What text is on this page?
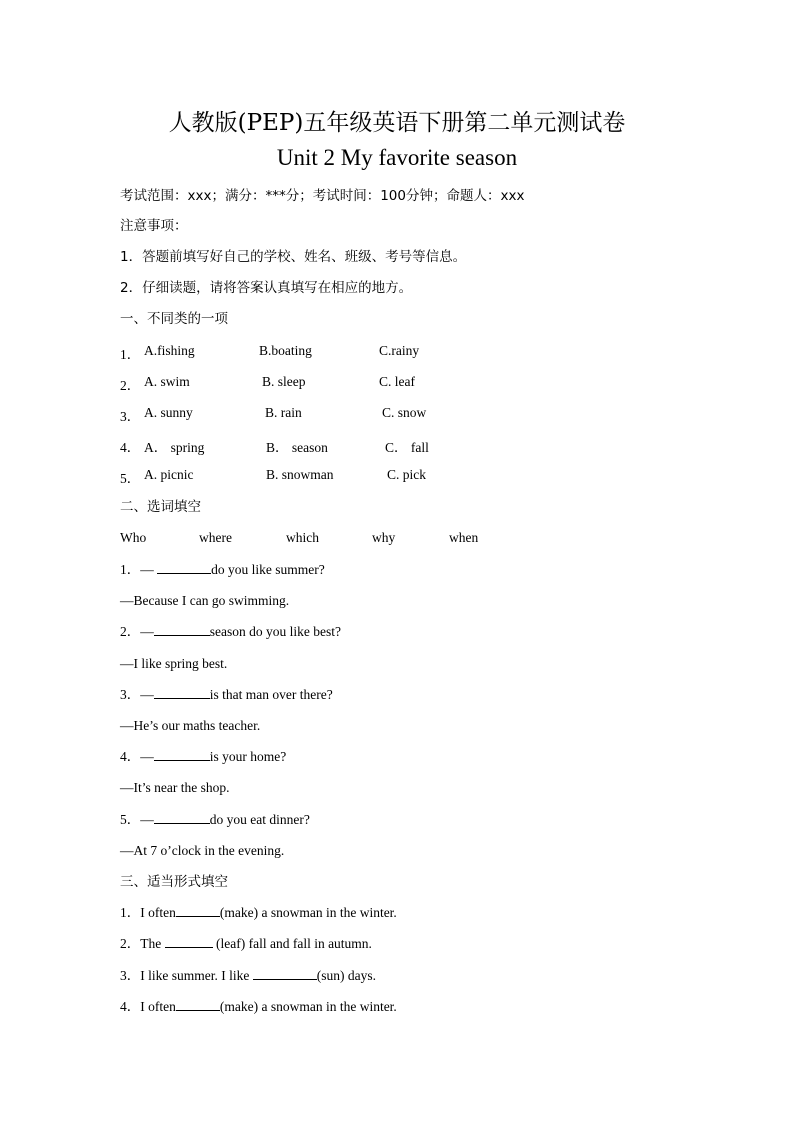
人教版(PEP)五年级英语下册第二单元测试卷
Unit 2 My favorite season
考试范围：xxx；满分：***分；考试时间：100分钟；命题人：xxx
注意事项：
1．答题前填写好自己的学校、姓名、班级、考号等信息。
2．仔细读题，请将答案认真填写在相应的地方。
一、不同类的一项
1． A.fishing	B.boating	C.rainy
2． A. swim	B. sleep	C. leaf
3． A. sunny	B. rain	C. snow
4． A． spring	B． season	C． fall
5． A. picnic	B. snowman	C. pick
二、选词填空
Who	where	which	why	when
1．—	do you like summer?
—Because I can go swimming.
2．—	season do you like best?
—I like spring best.
3．—	is that man over there?
—He’s our maths teacher.
4．—	is your home?
—It’s near the shop.
5．—	do you eat dinner?
—At 7 o’clock in the evening.
三、适当形式填空
1．I often	(make) a snowman in the winter.
2．The	(leaf) fall and fall in autumn.
3．I like summer. I like	(sun) days.
4．I often	(make) a snowman in the winter.
